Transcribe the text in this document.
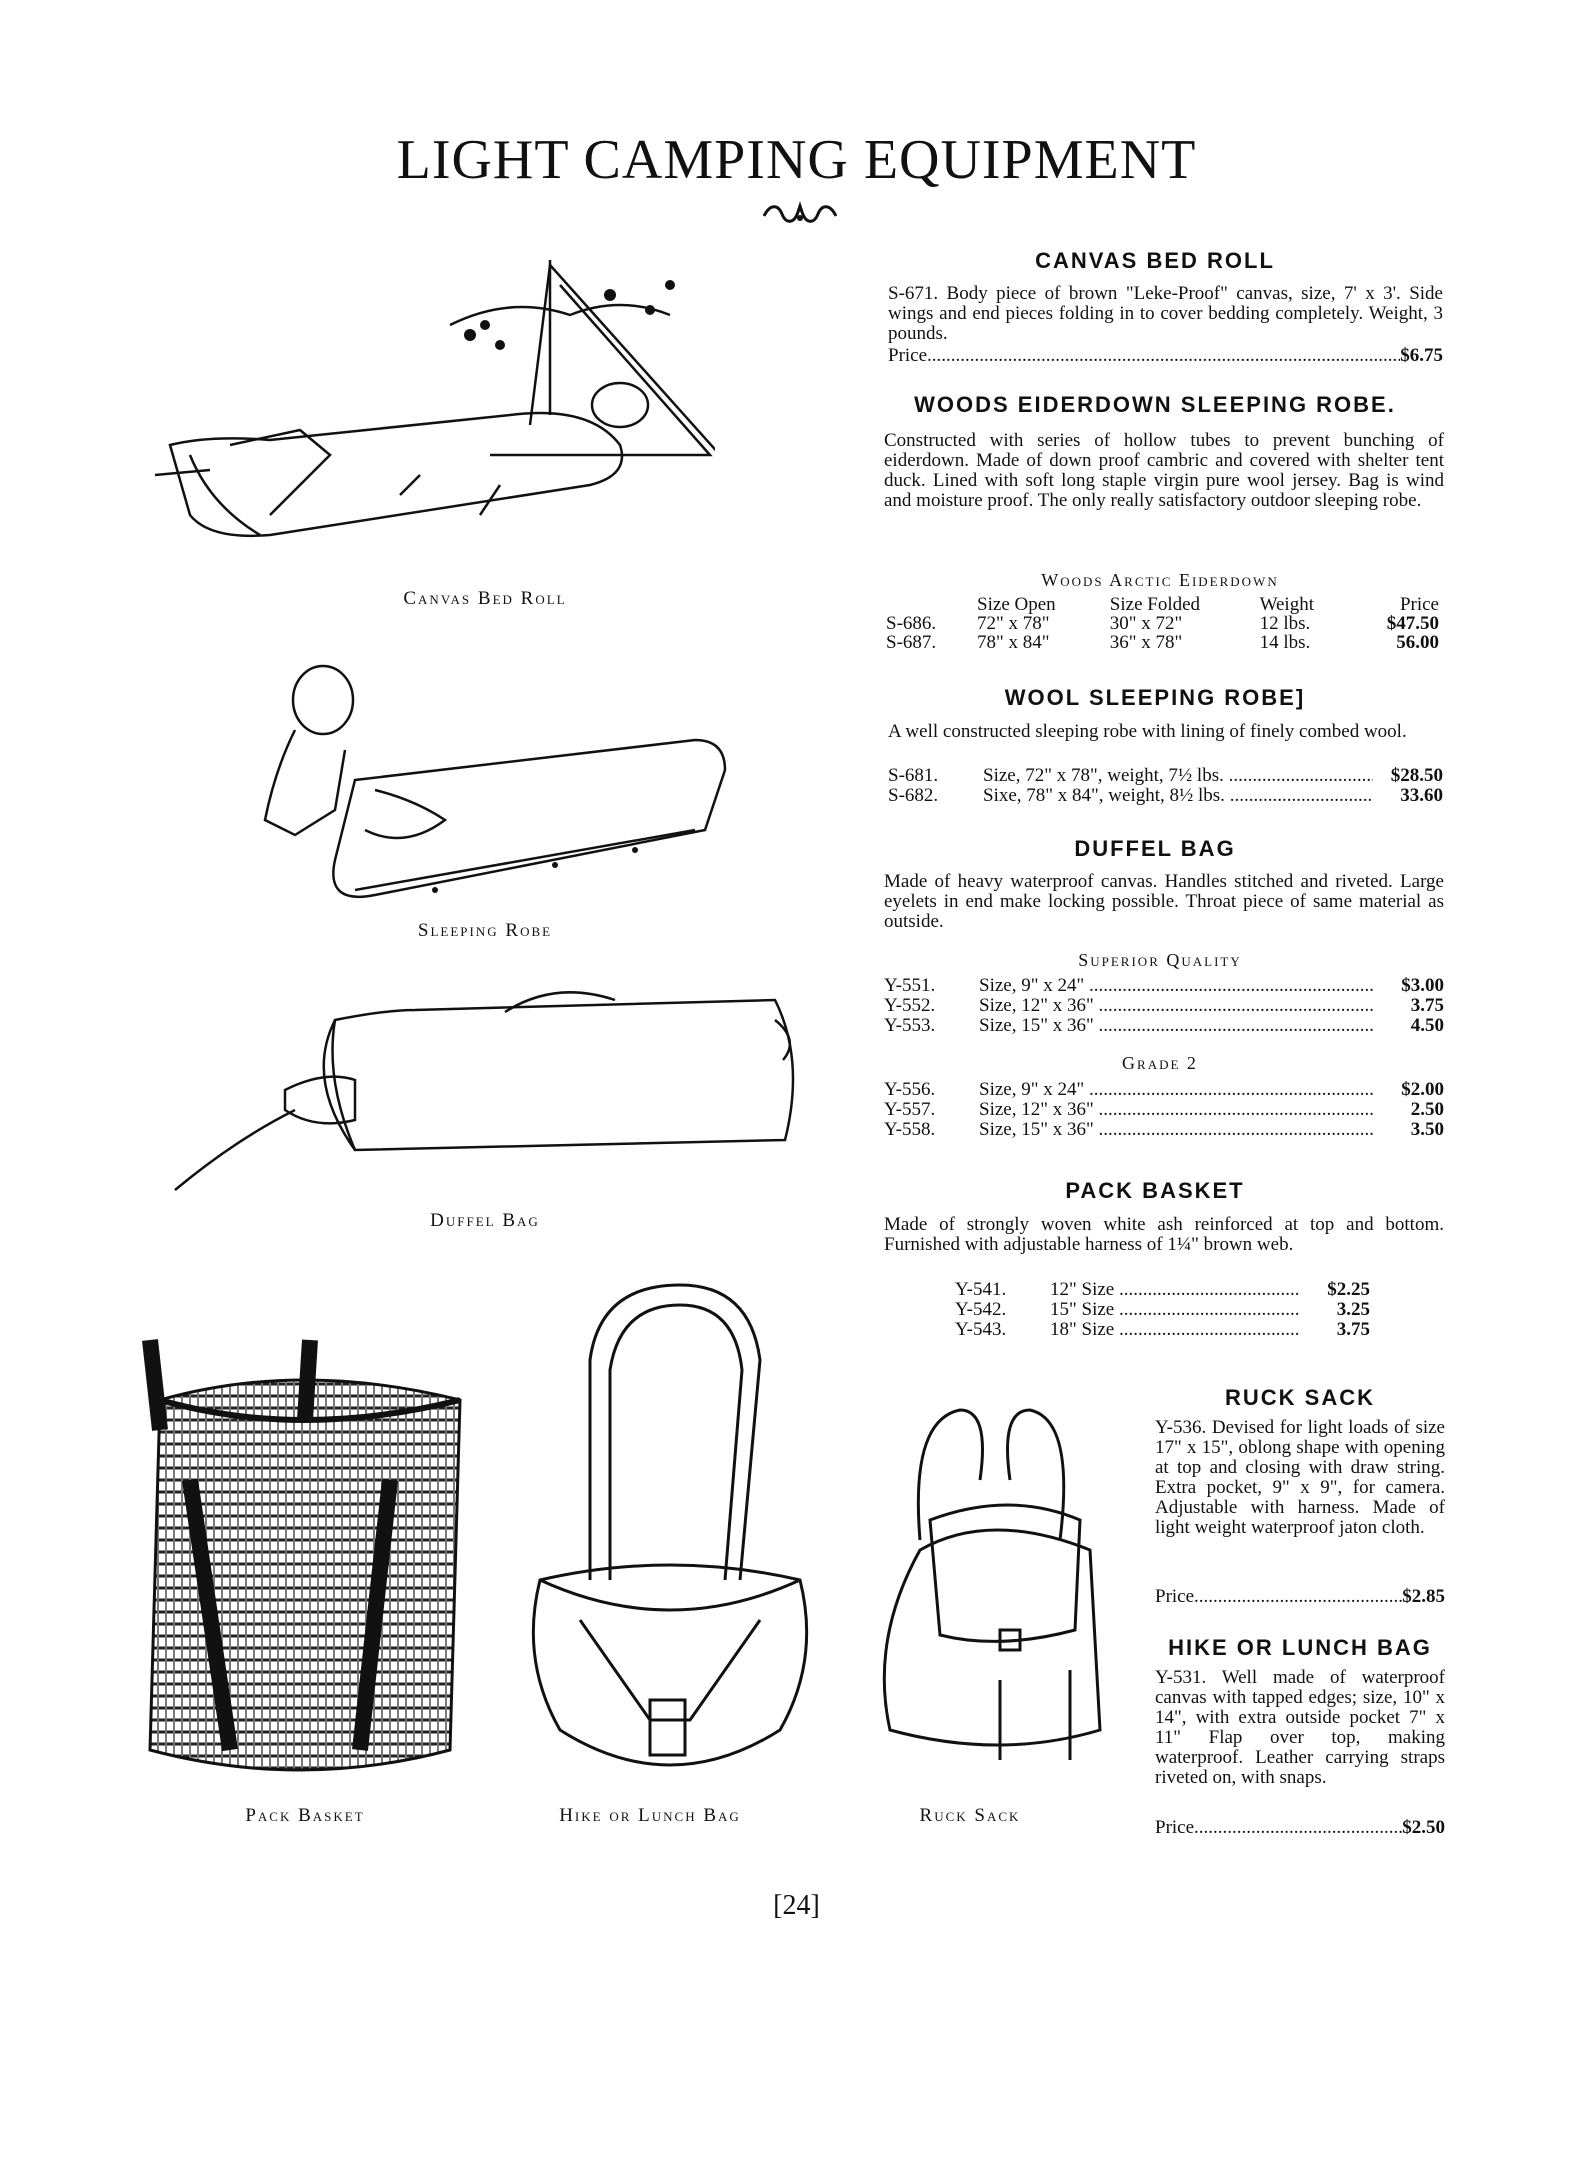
LIGHT CAMPING EQUIPMENT
Canvas Bed Roll
Sleeping Robe
Duffel Bag
Pack Basket	Hike or Lunch Bag	Ruck Sack
CANVAS BED ROLL
S-671. Body piece of brown "Leke-Proof" canvas, size, 7' x 3'. Side wings and end pieces folding in to cover bedding completely. Weight, 3 pounds.
Price .....	$6.75
WOODS EIDERDOWN SLEEPING ROBE.
Constructed with series of hollow tubes to prevent bunching of eiderdown. Made of down proof cambric and covered with shelter tent duck. Lined with soft long staple virgin pure wool jersey. Bag is wind and moisture proof. The only really satisfactory outdoor sleeping robe.
Woods Arctic Eiderdown
	Size Open	Size Folded	Weight	Price
S-686.	72" x 78"	30" x 72"	12 lbs.	$47.50
S-687.	78" x 84"	36" x 78"	14 lbs.	56.00
WOOL SLEEPING ROBE]
A well constructed sleeping robe with lining of finely combed wool.
S-681.	Size, 72" x 78", weight, 7½ lbs. .....	$28.50
S-682.	Sixe, 78" x 84", weight, 8½ lbs. .....	33.60
DUFFEL BAG
Made of heavy waterproof canvas. Handles stitched and riveted. Large eyelets in end make locking possible. Throat piece of same material as outside.
Superior Quality
Y-551.	Size, 9" x 24" .....	$3.00
Y-552.	Size, 12" x 36" .....	3.75
Y-553.	Size, 15" x 36" .....	4.50
Grade 2
Y-556.	Size, 9" x 24" .....	$2.00
Y-557.	Size, 12" x 36" .....	2.50
Y-558.	Size, 15" x 36" .....	3.50
PACK BASKET
Made of strongly woven white ash reinforced at top and bottom. Furnished with adjustable harness of 1¼" brown web.
Y-541.	12" Size .....	$2.25
Y-542.	15" Size .....	3.25
Y-543.	18" Size .....	3.75
RUCK SACK
Y-536. Devised for light loads of size 17" x 15", oblong shape with opening at top and closing with draw string. Extra pocket, 9" x 9", for camera. Adjustable with harness. Made of light weight waterproof jaton cloth.
Price .....	$2.85
HIKE OR LUNCH BAG
Y-531. Well made of waterproof canvas with tapped edges; size, 10" x 14", with extra outside pocket 7" x 11" Flap over top, making waterproof. Leather carrying straps riveted on, with snaps.
Price .....	$2.50
[24]
